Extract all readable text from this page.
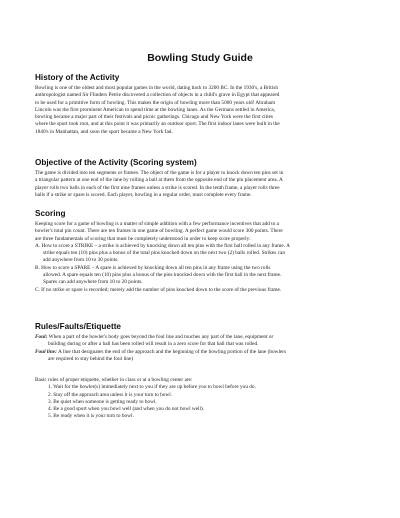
Bowling Study Guide
History of the Activity
Bowling is one of the oldest and most popular games in the world, dating back to 3200 BC. In the 1930's, a British
anthropologist named Sir Flinders Petrie discovered a collection of objects in a child's grave in Egypt that appeared
to be used for a primitive form of bowling. This makes the origin of bowling more than 5000 years old! Abraham
Lincoln was the first prominent American to spend time at the bowling lanes. As the Germans settled in America,
bowling became a major part of their festivals and picnic gatherings. Chicago and New York were the first cities
where the sport took root, and at this point it was primarily an outdoor sport. The first indoor lanes were built in the
1840's in Manhattan, and soon the sport became a New York fad.
Objective of the Activity (Scoring system)
The game is divided into ten segments or frames. The object of the game is for a player to knock down ten pins set in
a triangular pattern at one end of the lane by rolling a ball at them from the opposite end of the pin placement area. A
player rolls two balls in each of the first nine frames unless a strike is scored. In the tenth frame, a player rolls three
balls if a strike or spare is scored. Each player, bowling in a regular order, must complete every frame.
Scoring
Keeping score for a game of bowling is a matter of simple addition with a few performance incentives that add to a
bowler's total pin count. There are ten frames in one game of bowling. A perfect game would score 300 points. There
are three fundamentals of scoring that must be completely understood in order to keep score properly:
A. How to score a STRIKE – a strike is achieved by knocking down all ten pins with the first ball rolled in any frame. A
strike equals ten (10) pins plus a bonus of the total pins knocked down on the next two (2) balls rolled. Strikes can
add anywhere from 10 to 30 points.
B. How to score a SPARE – A spare is achieved by knocking down all ten pins in any frame using the two rolls
allowed. A spare equals ten (10) pins plus a bonus of the pins knocked down with the first ball in the next frame.
Spares can add anywhere from 10 to 20 points.
C. If no strike or spare is recorded; merely add the number of pins knocked down to the score of the previous frame.
Rules/Faults/Etiquette
Foul: When a part of the bowler's body goes beyond the foul line and touches any part of the lane, equipment or
building during or after a ball has been rolled will result in a zero score for that ball that was rolled.
Foul line: A line that designates the end of the approach and the beginning of the bowling portion of the lane (bowlers
are required to stay behind the foul line)
Basic rules of proper etiquette, whether in class or at a bowling center are:
1. Wait for the bowler(s) immediately next to you if they are up before you to bowl before you do.
2. Stay off the approach area unless it is your turn to bowl.
3. Be quiet when someone is getting ready to bowl.
4. Be a good sport when you bowl well (and when you do not bowl well).
5. Be ready when it is your turn to bowl.
